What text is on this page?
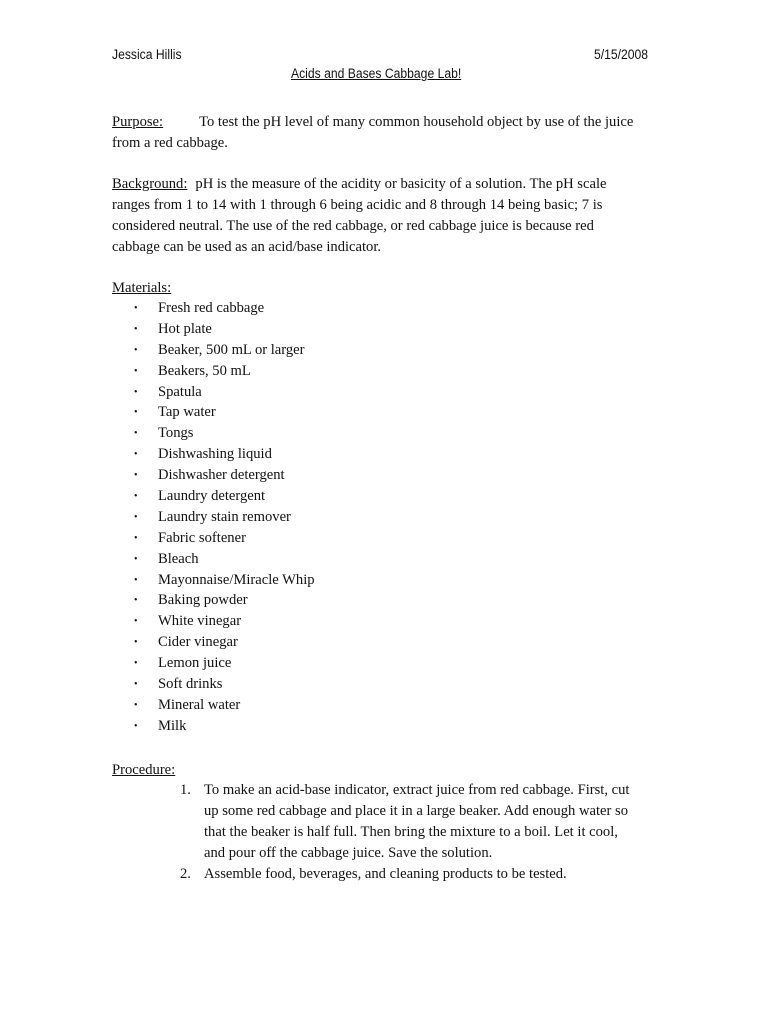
Jessica Hillis	5/15/2008
Acids and Bases Cabbage Lab!
Purpose: To test the pH level of many common household object by use of the juice
from a red cabbage.
Background: pH is the measure of the acidity or basicity of a solution. The pH scale
ranges from 1 to 14 with 1 through 6 being acidic and 8 through 14 being basic; 7 is
considered neutral. The use of the red cabbage, or red cabbage juice is because red
cabbage can be used as an acid/base indicator.
Materials:
• Fresh red cabbage
• Hot plate
• Beaker, 500 mL or larger
• Beakers, 50 mL
• Spatula
• Tap water
• Tongs
• Dishwashing liquid
• Dishwasher detergent
• Laundry detergent
• Laundry stain remover
• Fabric softener
• Bleach
• Mayonnaise/Miracle Whip
• Baking powder
• White vinegar
• Cider vinegar
• Lemon juice
• Soft drinks
• Mineral water
• Milk
Procedure:
1. To make an acid-base indicator, extract juice from red cabbage. First, cut
up some red cabbage and place it in a large beaker. Add enough water so
that the beaker is half full. Then bring the mixture to a boil. Let it cool,
and pour off the cabbage juice. Save the solution.
2. Assemble food, beverages, and cleaning products to be tested.
